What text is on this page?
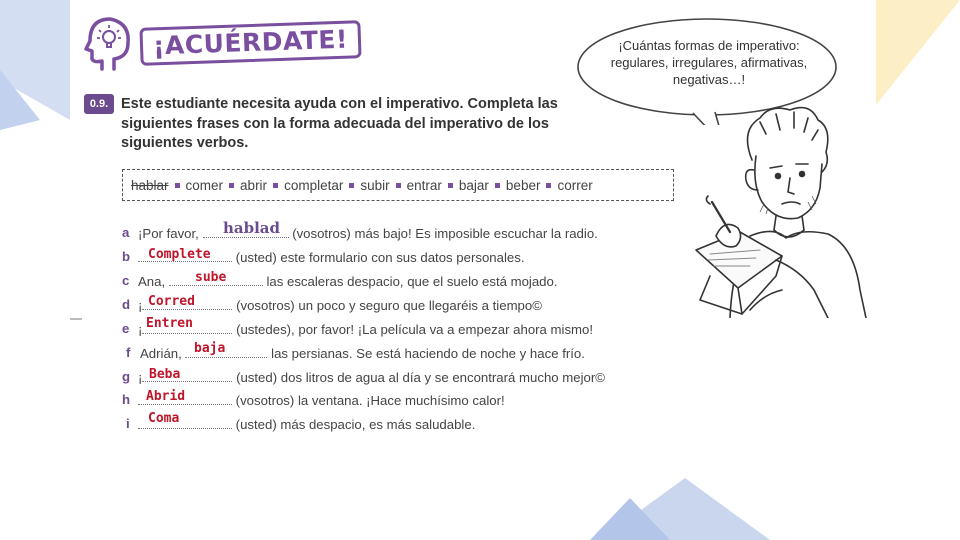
¡ACUÉRDATE!
0.9. Este estudiante necesita ayuda con el imperativo. Completa las siguientes frases con la forma adecuada del imperativo de los siguientes verbos.

hablar comer abrir completar subir entrar bajar beber correr
a ¡Por favor,	(vosotros) más bajo! Es imposible escuchar la radio.
hablad
b	(usted) este formulario con sus datos personales.
Complete
c Ana,	las escaleras despacio, que el suelo está mojado.
sube
d ¡	(vosotros) un poco y seguro que llegaréis a tiempo©
Corred
e ¡	(ustedes), por favor! ¡La película va a empezar ahora mismo!
Entren
f Adrián,	las persianas. Se está haciendo de noche y hace frío.
baja
g ¡	(usted) dos litros de agua al día y se encontrará mucho mejor©
Beba
h	(vosotros) la ventana. ¡Hace muchísimo calor!
Abrid
i	(usted) más despacio, es más saludable.
Coma
¡Cuántas formas de imperativo: regulares, irregulares, afirmativas, negativas…!
